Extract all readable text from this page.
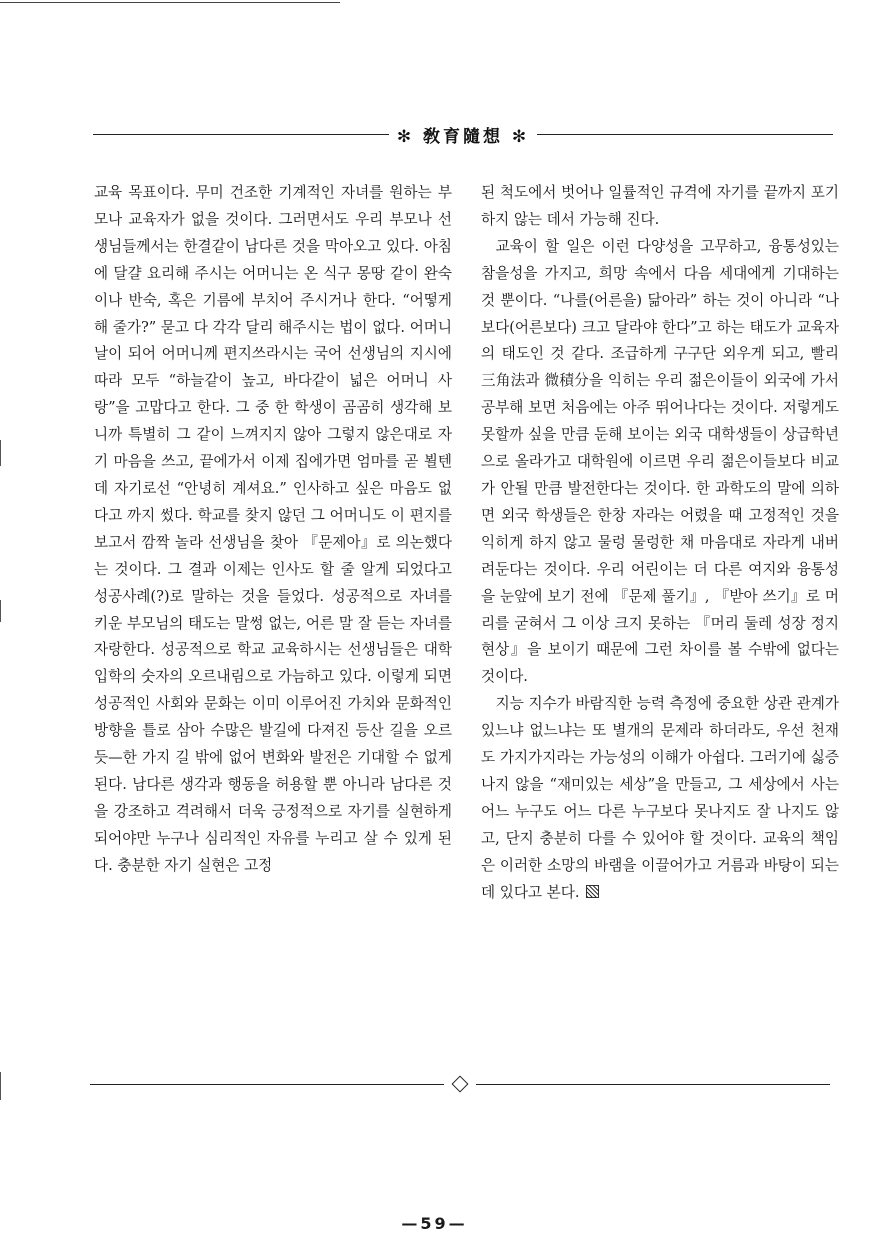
✻ 敎育隨想 ✻

교육 목표이다. 무미 건조한 기계적인 자녀를 원하는 부모나 교육자가 없을 것이다. 그러면서도 우리 부모나 선생님들께서는 한결같이 남다른 것을 막아오고 있다. 아침에 달걀 요리해 주시는 어머니는 온 식구 몽땅 같이 완숙이나 반숙, 혹은 기름에 부치어 주시거나 한다. “어떻게 해 줄가?” 묻고 다 각각 달리 해주시는 법이 없다. 어머니날이 되어 어머니께 편지쓰라시는 국어 선생님의 지시에 따라 모두 “하늘같이 높고, 바다같이 넓은 어머니 사랑”을 고맙다고 한다. 그 중 한 학생이 곰곰히 생각해 보니까 특별히 그 같이 느껴지지 않아 그렇지 않은대로 자기 마음을 쓰고, 끝에가서 이제 집에가면 엄마를 곧 뵐텐데 자기로선 “안녕히 계셔요.” 인사하고 싶은 마음도 없다고 까지 썼다. 학교를 찾지 않던 그 어머니도 이 편지를 보고서 깜짝 놀라 선생님을 찾아 『문제아』로 의논했다는 것이다. 그 결과 이제는 인사도 할 줄 알게 되었다고 성공사례(?)로 말하는 것을 들었다. 성공적으로 자녀를 키운 부모님의 태도는 말썽 없는, 어른 말 잘 듣는 자녀를 자랑한다. 성공적으로 학교 교육하시는 선생님들은 대학 입학의 숫자의 오르내림으로 가늠하고 있다. 이렇게 되면 성공적인 사회와 문화는 이미 이루어진 가치와 문화적인 방향을 틀로 삼아 수많은 발길에 다져진 등산 길을 오르듯—한 가지 길 밖에 없어 변화와 발전은 기대할 수 없게 된다. 남다른 생각과 행동을 허용할 뿐 아니라 남다른 것을 강조하고 격려해서 더욱 긍정적으로 자기를 실현하게 되어야만 누구나 심리적인 자유를 누리고 살 수 있게 된다. 충분한 자기 실현은 고정

된 척도에서 벗어나 일률적인 규격에 자기를 끝까지 포기하지 않는 데서 가능해 진다.

교육이 할 일은 이런 다양성을 고무하고, 융통성있는 참을성을 가지고, 희망 속에서 다음 세대에게 기대하는 것 뿐이다. “나를(어른을) 닮아라” 하는 것이 아니라 “나보다(어른보다) 크고 달라야 한다”고 하는 태도가 교육자의 태도인 것 같다. 조급하게 구구단 외우게 되고, 빨리 三角法과 微積分을 익히는 우리 젊은이들이 외국에 가서 공부해 보면 처음에는 아주 뛰어나다는 것이다. 저렇게도 못할까 싶을 만큼 둔해 보이는 외국 대학생들이 상급학년으로 올라가고 대학원에 이르면 우리 젊은이들보다 비교가 안될 만큼 발전한다는 것이다. 한 과학도의 말에 의하면 외국 학생들은 한창 자라는 어렸을 때 고정적인 것을 익히게 하지 않고 물렁 물렁한 채 마음대로 자라게 내버려둔다는 것이다. 우리 어린이는 더 다른 여지와 융통성을 눈앞에 보기 전에 『문제 풀기』, 『받아 쓰기』로 머리를 굳혀서 그 이상 크지 못하는 『머리 둘레 성장 정지 현상』을 보이기 때문에 그런 차이를 볼 수밖에 없다는 것이다.

지능 지수가 바람직한 능력 측정에 중요한 상관 관계가 있느냐 없느냐는 또 별개의 문제라 하더라도, 우선 천재도 가지가지라는 가능성의 이해가 아쉽다. 그러기에 싫증나지 않을 “재미있는 세상”을 만들고, 그 세상에서 사는 어느 누구도 어느 다른 누구보다 못나지도 잘 나지도 않고, 단지 충분히 다를 수 있어야 할 것이다. 교육의 책임은 이러한 소망의 바램을 이끌어가고 거름과 바탕이 되는 데 있다고 본다.

—59—
